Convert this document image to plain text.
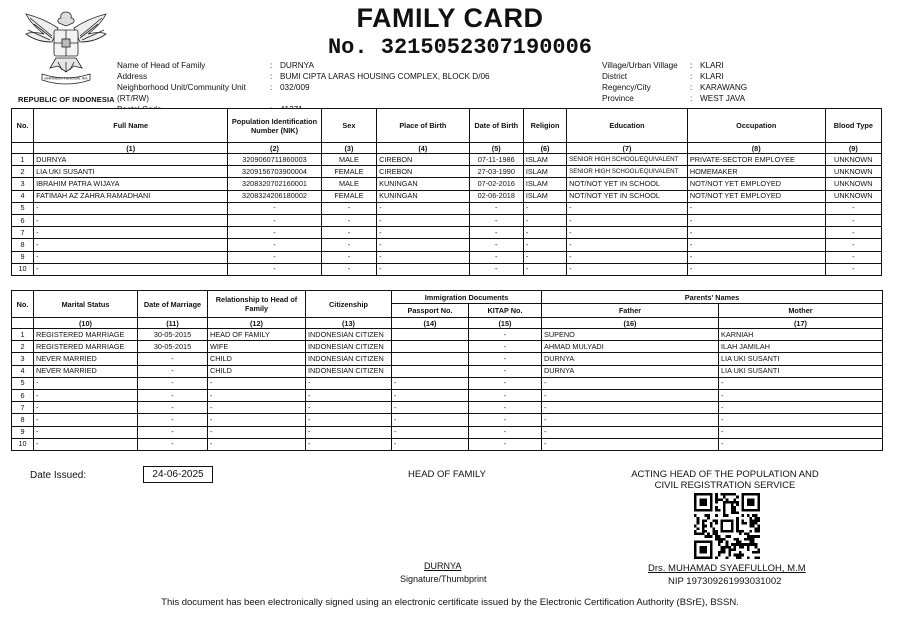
BHINNEKA TUNGGAL IKA
REPUBLIC OF INDONESIA
FAMILY CARD
No. 3215052307190006
Name of Head of Family	: DURNYA
Address	: BUMI CIPTA LARAS HOUSING COMPLEX, BLOCK D/06
Neighborhood Unit/Community Unit (RT/RW)
: 032/009
Village/Urban Village	: KLARI
District	: KLARI
Regency/City	: KARAWANG
Province	: WEST JAVA
No.	Full Name	Population Identification Number (NIK)	Sex	Place of Birth	Date of Birth	Religion	Education	Occupation	Blood Type
	(1)	(2)	(3)	(4)	(5)	(6)	(7)	(8)	(9)
1	DURNYA	3209060711860003	MALE	CIREBON	07-11-1986	ISLAM	SENIOR HIGH SCHOOL/EQUIVALENT	PRIVATE-SECTOR EMPLOYEE	UNKNOWN
2	LIA UKI SUSANTI	3209156703900004	FEMALE	CIREBON	27-03-1990	ISLAM	SENIOR HIGH SCHOOL/EQUIVALENT	HOMEMAKER	UNKNOWN
3	IBRAHIM PATRA WIJAYA	3208320702160001	MALE	KUNINGAN	07-02-2016	ISLAM	NOT/NOT YET IN SCHOOL	NOT/NOT YET EMPLOYED	UNKNOWN
4	FATIMAH AZ ZAHRA RAMADHANI	3208324206180002	FEMALE	KUNINGAN	02-06-2018	ISLAM	NOT/NOT YET IN SCHOOL	NOT/NOT YET EMPLOYED	UNKNOWN
5	-	-	-	-	-	-	-	-	-
6	-	-	-	-	-	-	-	-	-
7	-	-	-	-	-	-	-	-	-
8	-	-	-	-	-	-	-	-	-
9	-	-	-	-	-	-	-	-	-
10	-	-	-	-	-	-	-	-	-
No.	Marital Status	Date of Marriage	Relationship to Head of Family	Citizenship	Immigration Documents		Parents' Names	
					Passport No.	KITAP No.	Father	Mother
	(10)	(11)	(12)	(13)	(14)	(15)	(16)	(17)
1	REGISTERED MARRIAGE	30-05-2015	HEAD OF FAMILY	INDONESIAN CITIZEN		-	SUPENO	KARNIAH
2	REGISTERED MARRIAGE	30-05-2015	WIFE	INDONESIAN CITIZEN		-	AHMAD MULYADI	ILAH JAMILAH
3	NEVER MARRIED	-	CHILD	INDONESIAN CITIZEN		-	DURNYA	LIA UKI SUSANTI
4	NEVER MARRIED	-	CHILD	INDONESIAN CITIZEN		-	DURNYA	LIA UKI SUSANTI
5	-	-	-	-	-	-	-	-
6	-	-	-	-	-	-	-	-
7	-	-	-	-	-	-	-	-
8	-	-	-	-	-	-	-	-
9	-	-	-	-	-	-	-	-
10	-	-	-	-	-	-	-	-
Date Issued:	24-06-2025	HEAD OF FAMILY	ACTING HEAD OF THE POPULATION AND
CIVIL REGISTRATION SERVICE
DURNYA
Signature/Thumbprint
Drs. MUHAMAD SYAEFULLOH, M.M
NIP 197309261993031002
This document has been electronically signed using an electronic certificate issued by the Electronic Certification Authority (BSrE), BSSN.
